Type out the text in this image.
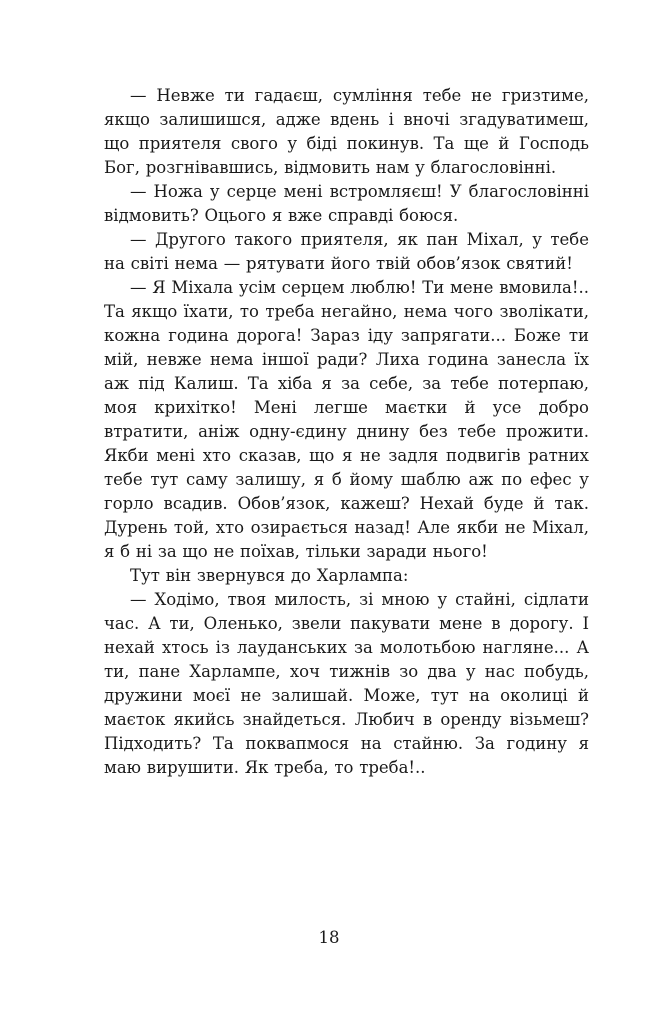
— Невже ти гадаєш, сумління тебе не гризтиме, якщо залишишся, адже вдень і вночі згадуватимеш, що приятеля свого у біді покинув. Та ще й Господь Бог, розгнівавшись, відмовить нам у благословінні.

— Ножа у серце мені встромляєш! У благословінні відмовить? Оцього я вже справді боюся.

— Другого такого приятеля, як пан Міхал, у тебе на світі нема — рятувати його твій обов’язок святий!

— Я Міхала усім серцем люблю! Ти мене вмовила!.. Та якщо їхати, то треба негайно, нема чого зволікати, кожна година дорога! Зараз іду запрягати... Боже ти мій, невже нема іншої ради? Лиха година занесла їх аж під Калиш. Та хіба я за себе, за тебе потерпаю, моя крихітко! Мені легше маєтки й усе добро втратити, аніж одну-єдину днину без тебе прожити. Якби мені хто сказав, що я не задля подвигів ратних тебе тут саму залишу, я б йому шаблю аж по ефес у горло всадив. Обов’язок, кажеш? Нехай буде й так. Дурень той, хто озирається назад! Але якби не Міхал, я б ні за що не поїхав, тільки заради нього!

Тут він звернувся до Харлампа:

— Ходімо, твоя милость, зі мною у стайні, сідлати час. А ти, Оленько, звели пакувати мене в дорогу. І нехай хтось із лауданських за молотьбою нагляне... А ти, пане Харлампе, хоч тижнів зо два у нас побудь, дружини моєї не залишай. Може, тут на околиці й маєток якийсь знайдеться. Любич в оренду візьмеш? Підходить? Та поквапмося на стайню. За годину я маю вирушити. Як треба, то треба!..

18
